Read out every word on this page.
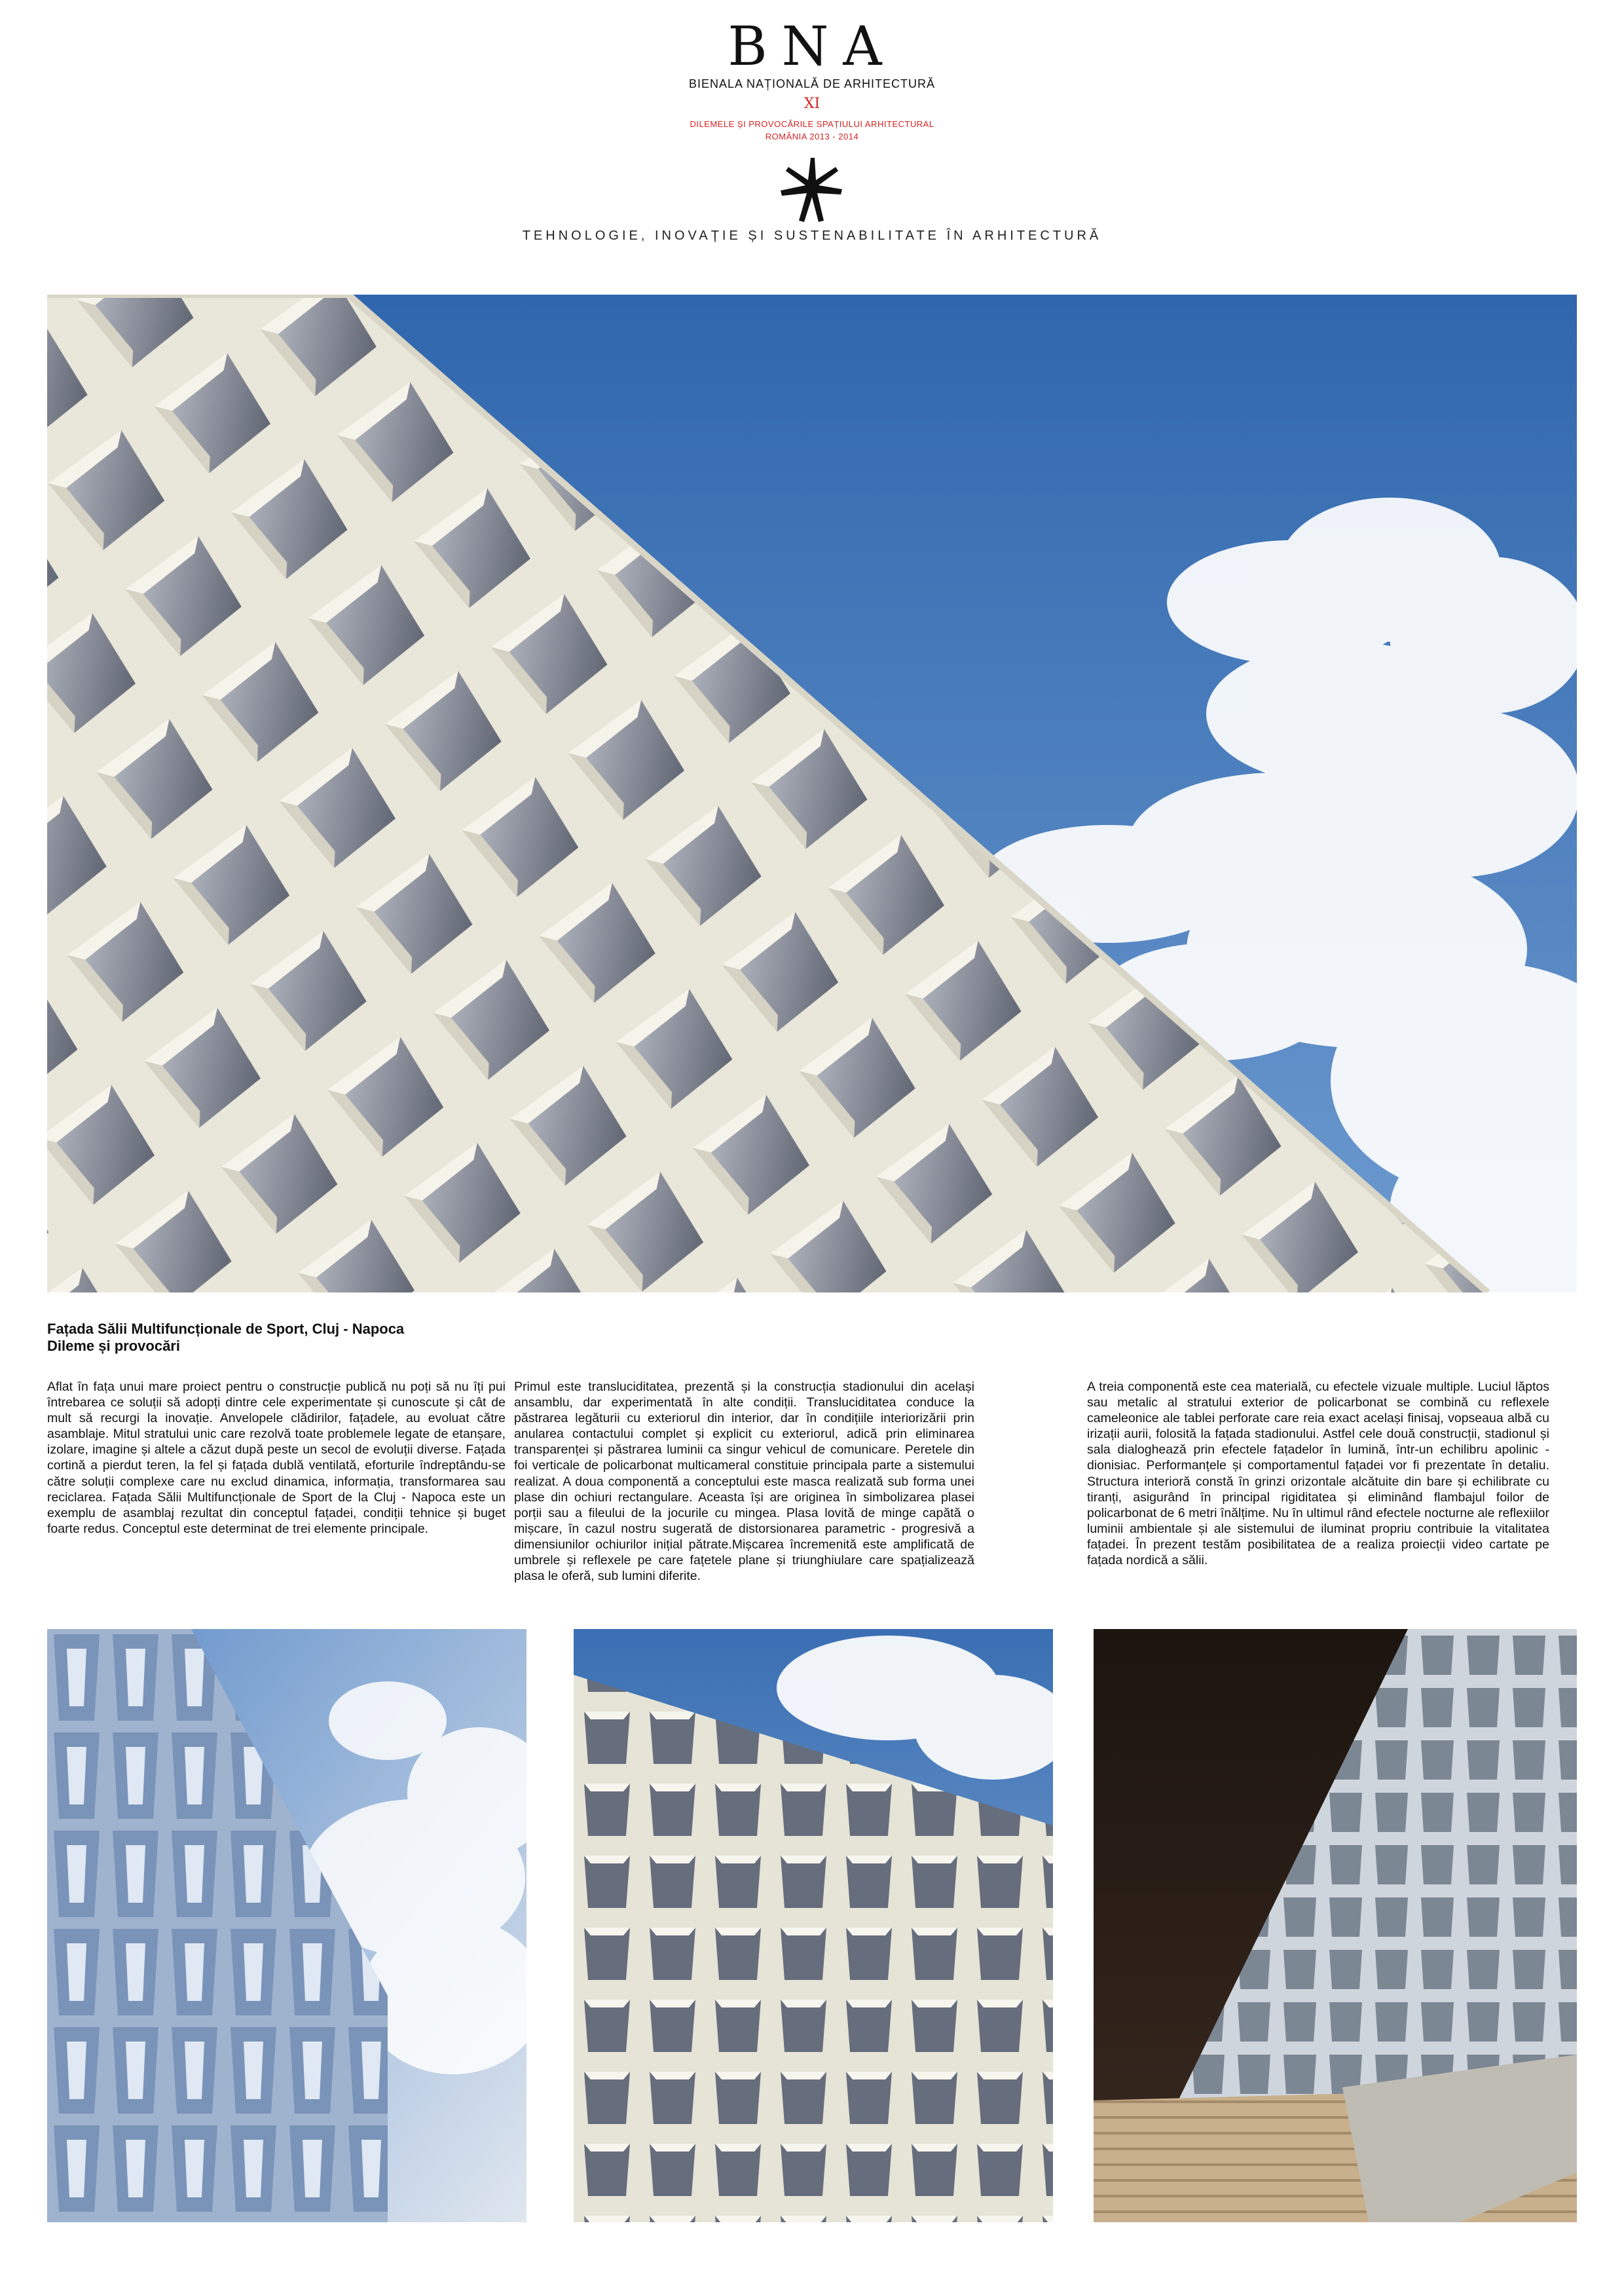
BNA
BIENALA NAȚIONALĂ DE ARHITECTURĂ
XI
DILEMELE ȘI PROVOCĂRILE SPAȚIULUI ARHITECTURAL
ROMÂNIA 2013 - 2014
TEHNOLOGIE, INOVAȚIE ȘI SUSTENABILITATE ÎN ARHITECTURĂ
Fațada Sălii Multifuncționale de Sport, Cluj - Napoca
Dileme și provocări
Aflat în fața unui mare proiect pentru o construcție publică nu poți să nu îți pui întrebarea ce soluții să adopți dintre cele experimentate și cunoscute și cât de mult să recurgi la inovație. Anvelopele clădirilor, fațadele, au evoluat către asamblaje. Mitul stratului unic care rezolvă toate problemele legate de etanșare, izolare, imagine și altele a căzut după peste un secol de evoluții diverse. Fațada cortină a pierdut teren, la fel și fațada dublă ventilată, eforturile îndreptându-se către soluții complexe care nu exclud dinamica, informația, transformarea sau reciclarea. Fațada Sălii Multifuncționale de Sport de la Cluj - Napoca este un exemplu de asamblaj rezultat din conceptul fațadei, condiții tehnice și buget foarte redus. Conceptul este determinat de trei elemente principale.
Primul este transluciditatea, prezentă și la construcția stadionului din același ansamblu, dar experimentată în alte condiții. Transluciditatea conduce la păstrarea legăturii cu exteriorul din interior, dar în condițiile interiorizării prin anularea contactului complet și explicit cu exteriorul, adică prin eliminarea transparenței și păstrarea luminii ca singur vehicul de comunicare. Peretele din foi verticale de policarbonat multicameral constituie principala parte a sistemului realizat. A doua componentă a conceptului este masca realizată sub forma unei plase din ochiuri rectangulare. Aceasta își are originea în simbolizarea plasei porții sau a fileului de la jocurile cu mingea. Plasa lovită de minge capătă o mișcare, în cazul nostru sugerată de distorsionarea parametric - progresivă a dimensiunilor ochiurilor inițial pătrate.Mișcarea încremenită este amplificată de umbrele și reflexele pe care fațetele plane și triunghiulare care spațializează plasa le oferă, sub lumini diferite.
A treia componentă este cea materială, cu efectele vizuale multiple. Luciul lăptos sau metalic al stratului exterior de policarbonat se combină cu reflexele cameleonice ale tablei perforate care reia exact același finisaj, vopseaua albă cu irizații aurii, folosită la fațada stadionului. Astfel cele două construcții, stadionul și sala dialoghează prin efectele fațadelor în lumină, într-un echilibru apolinic - dionisiac. Performanțele și comportamentul fațadei vor fi prezentate în detaliu. Structura interioră constă în grinzi orizontale alcătuite din bare și echilibrate cu tiranți, asigurând în principal rigiditatea și eliminând flambajul foilor de policarbonat de 6 metri înălțime. Nu în ultimul rând efectele nocturne ale reflexiilor luminii ambientale și ale sistemului de iluminat propriu contribuie la vitalitatea fațadei. În prezent testăm posibilitatea de a realiza proiecții video cartate pe fațada nordică a sălii.
